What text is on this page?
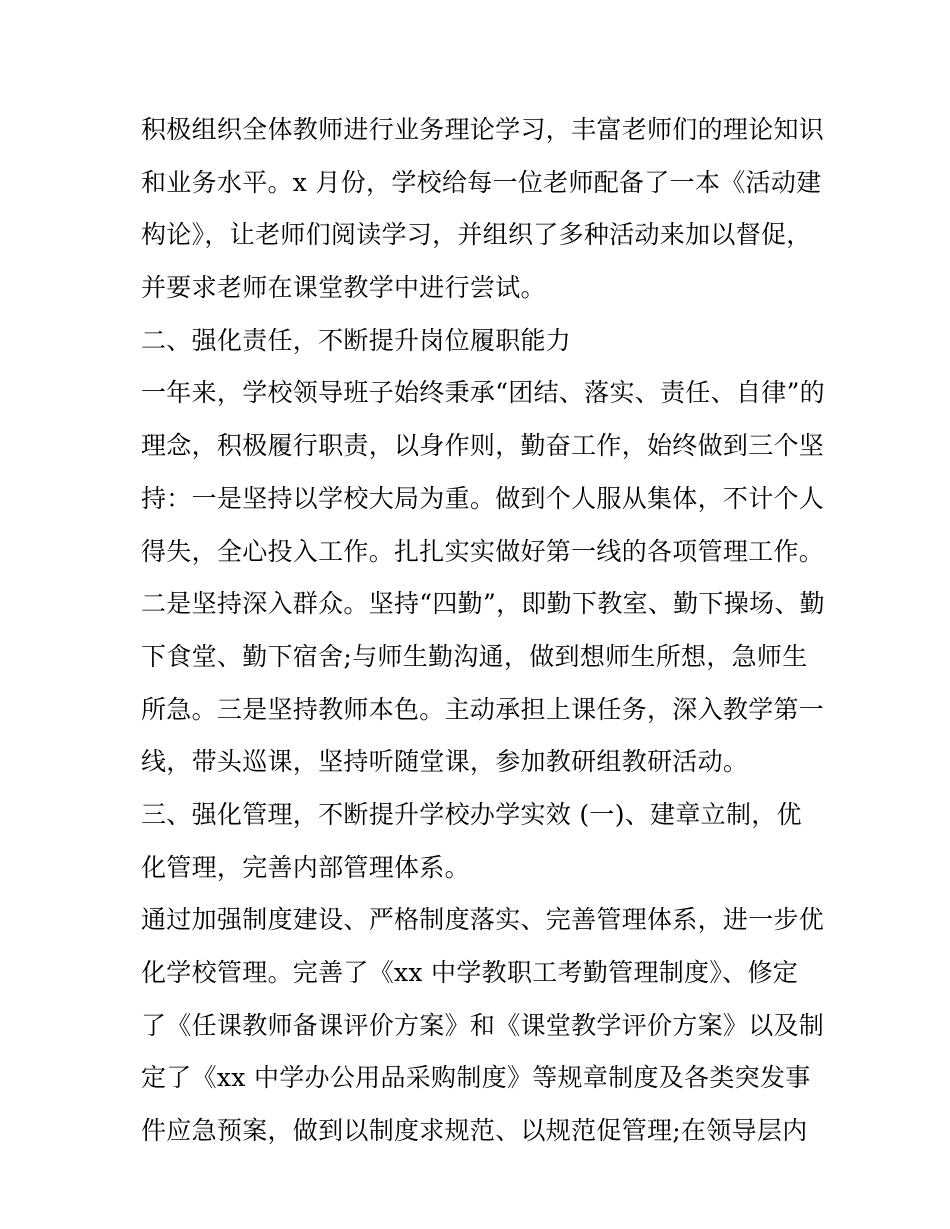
积极组织全体教师进行业务理论学习，丰富老师们的理论知识
和业务水平。x 月份，学校给每一位老师配备了一本《活动建
构论》，让老师们阅读学习，并组织了多种活动来加以督促，
并要求老师在课堂教学中进行尝试。
二、强化责任，不断提升岗位履职能力
一年来，学校领导班子始终秉承“团结、落实、责任、自律”的
理念，积极履行职责，以身作则，勤奋工作，始终做到三个坚
持：一是坚持以学校大局为重。做到个人服从集体，不计个人
得失，全心投入工作。扎扎实实做好第一线的各项管理工作。
二是坚持深入群众。坚持“四勤”，即勤下教室、勤下操场、勤
下食堂、勤下宿舍;与师生勤沟通，做到想师生所想，急师生
所急。三是坚持教师本色。主动承担上课任务，深入教学第一
线，带头巡课，坚持听随堂课，参加教研组教研活动。
三、强化管理，不断提升学校办学实效 (一)、建章立制，优
化管理，完善内部管理体系。
通过加强制度建设、严格制度落实、完善管理体系，进一步优
化学校管理。完善了《xx 中学教职工考勤管理制度》、修定
了《任课教师备课评价方案》和《课堂教学评价方案》以及制
定了《xx 中学办公用品采购制度》等规章制度及各类突发事
件应急预案，做到以制度求规范、以规范促管理;在领导层内
